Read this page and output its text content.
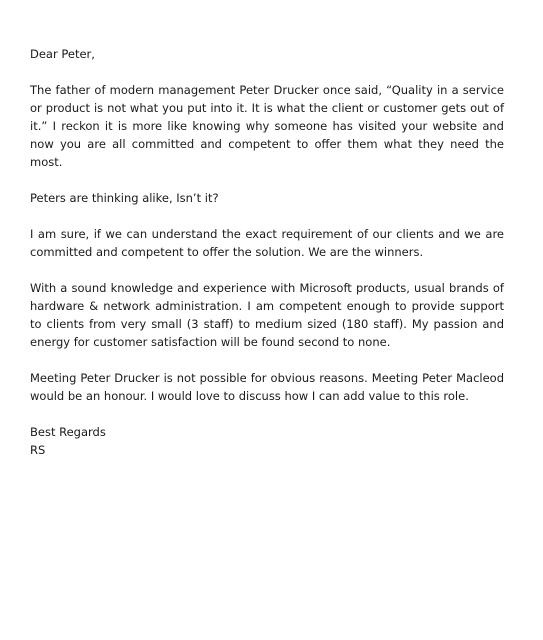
Dear Peter,

The father of modern management Peter Drucker once said, “Quality in a service or product is not what you put into it. It is what the client or customer gets out of it.” I reckon it is more like knowing why someone has visited your website and now you are all committed and competent to offer them what they need the most.

Peters are thinking alike, Isn’t it?

I am sure, if we can understand the exact requirement of our clients and we are committed and competent to offer the solution. We are the winners.

With a sound knowledge and experience with Microsoft products, usual brands of hardware & network administration. I am competent enough to provide support to clients from very small (3 staff) to medium sized (180 staff). My passion and energy for customer satisfaction will be found second to none.

Meeting Peter Drucker is not possible for obvious reasons. Meeting Peter Macleod would be an honour. I would love to discuss how I can add value to this role.

Best Regards
RS
